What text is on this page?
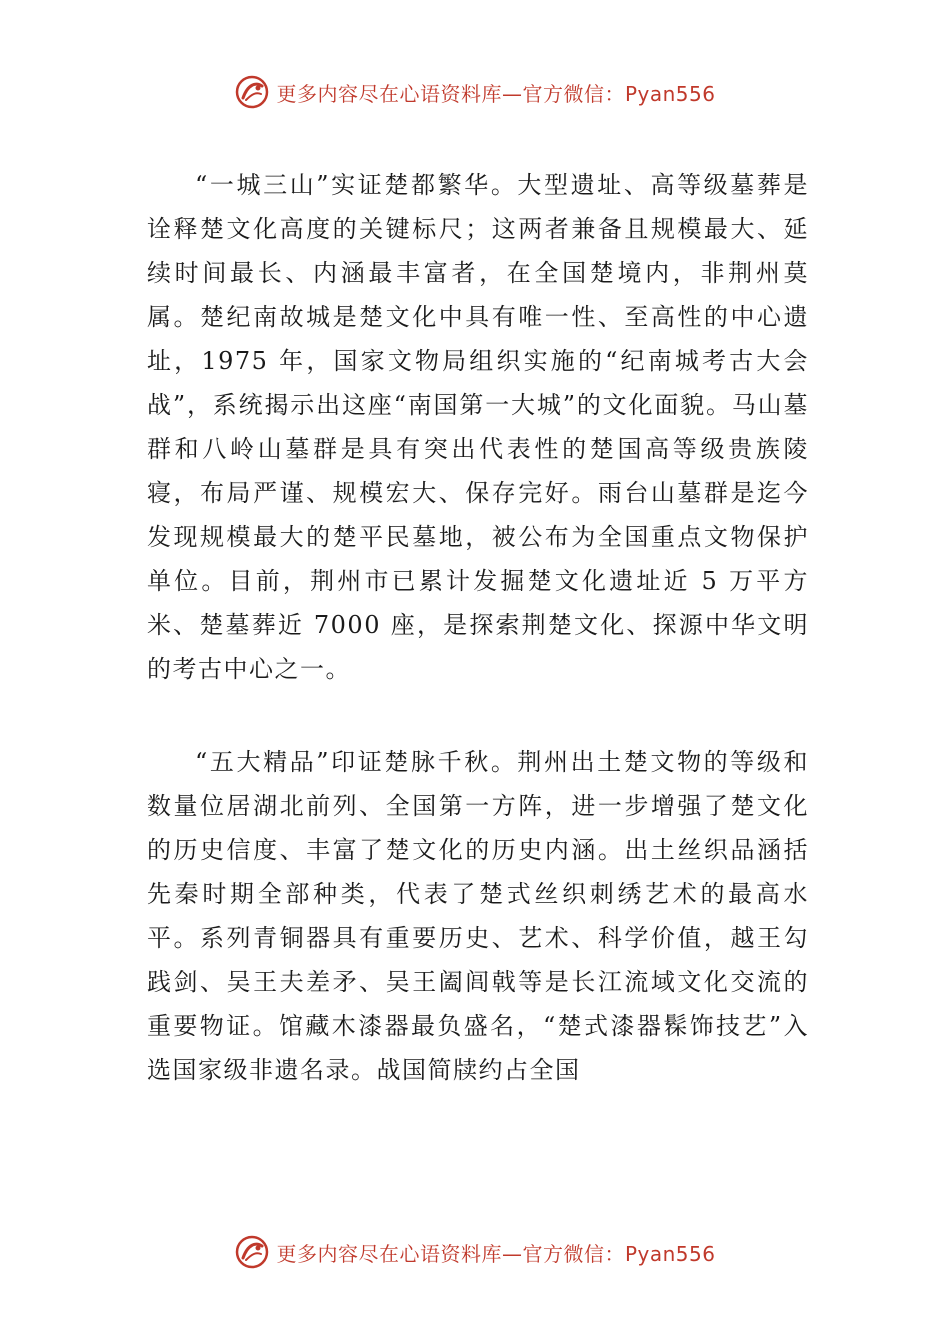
更多内容尽在心语资料库—官方微信：Pyan556

“一城三山”实证楚都繁华。大型遗址、高等级墓葬是诠释楚文化高度的关键标尺；这两者兼备且规模最大、延续时间最长、内涵最丰富者，在全国楚境内，非荆州莫属。楚纪南故城是楚文化中具有唯一性、至高性的中心遗址，1975 年，国家文物局组织实施的“纪南城考古大会战”，系统揭示出这座“南国第一大城”的文化面貌。马山墓群和八岭山墓群是具有突出代表性的楚国高等级贵族陵寝，布局严谨、规模宏大、保存完好。雨台山墓群是迄今发现规模最大的楚平民墓地，被公布为全国重点文物保护单位。目前，荆州市已累计发掘楚文化遗址近 5 万平方米、楚墓葬近 7000 座，是探索荆楚文化、探源中华文明的考古中心之一。

“五大精品”印证楚脉千秋。荆州出土楚文物的等级和数量位居湖北前列、全国第一方阵，进一步增强了楚文化的历史信度、丰富了楚文化的历史内涵。出土丝织品涵括先秦时期全部种类，代表了楚式丝织刺绣艺术的最高水平。系列青铜器具有重要历史、艺术、科学价值，越王勾践剑、吴王夫差矛、吴王阖闾戟等是长江流域文化交流的重要物证。馆藏木漆器最负盛名，“楚式漆器髹饰技艺”入选国家级非遗名录。战国简牍约占全国

更多内容尽在心语资料库—官方微信：Pyan556
